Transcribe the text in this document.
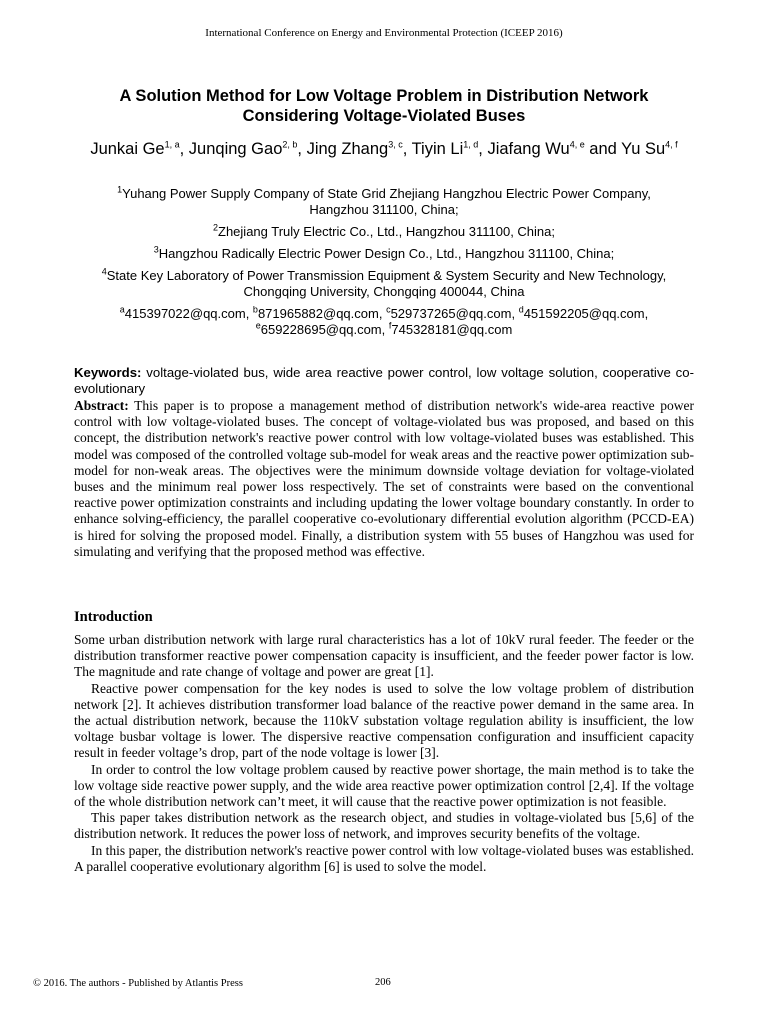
International Conference on Energy and Environmental Protection (ICEEP 2016)
A Solution Method for Low Voltage Problem in Distribution Network
Considering Voltage-Violated Buses
Junkai Ge$^{1, a}$, Junqing Gao$^{2, b}$, Jing Zhang$^{3, c}$, Tiyin Li$^{1, d}$, Jiafang Wu$^{4, e}$ and Yu Su$^{4, f}$
$^1$Yuhang Power Supply Company of State Grid Zhejiang Hangzhou Electric Power Company,
Hangzhou 311100, China;
$^2$Zhejiang Truly Electric Co., Ltd., Hangzhou 311100, China;
$^3$Hangzhou Radically Electric Power Design Co., Ltd., Hangzhou 311100, China;
$^4$State Key Laboratory of Power Transmission Equipment & System Security and New Technology,
Chongqing University, Chongqing 400044, China
$^a$415397022@qq.com, $^b$871965882@qq.com, $^c$529737265@qq.com, $^d$451592205@qq.com,
$^e$659228695@qq.com, $^f$745328181@qq.com
Keywords: voltage-violated bus, wide area reactive power control, low voltage solution, cooperative co-evolutionary
Abstract: This paper is to propose a management method of distribution network's wide-area reactive power control with low voltage-violated buses. The concept of voltage-violated bus was proposed, and based on this concept, the distribution network's reactive power control with low voltage-violated buses was established. This model was composed of the controlled voltage sub-model for weak areas and the reactive power optimization sub-model for non-weak areas. The objectives were the minimum downside voltage deviation for voltage-violated buses and the minimum real power loss respectively. The set of constraints were based on the conventional reactive power optimization constraints and including updating the lower voltage boundary constantly. In order to enhance solving-efficiency, the parallel cooperative co-evolutionary differential evolution algorithm (PCCD-EA) is hired for solving the proposed model. Finally, a distribution system with 55 buses of Hangzhou was used for simulating and verifying that the proposed method was effective.
Introduction

Some urban distribution network with large rural characteristics has a lot of 10kV rural feeder. The feeder or the distribution transformer reactive power compensation capacity is insufficient, and the feeder power factor is low. The magnitude and rate change of voltage and power are great [1].

Reactive power compensation for the key nodes is used to solve the low voltage problem of distribution network [2]. It achieves distribution transformer load balance of the reactive power demand in the same area. In the actual distribution network, because the 110kV substation voltage regulation ability is insufficient, the low voltage busbar voltage is lower. The dispersive reactive compensation configuration and insufficient capacity result in feeder voltage’s drop, part of the node voltage is lower [3].

In order to control the low voltage problem caused by reactive power shortage, the main method is to take the low voltage side reactive power supply, and the wide area reactive power optimization control [2,4]. If the voltage of the whole distribution network can’t meet, it will cause that the reactive power optimization is not feasible.

This paper takes distribution network as the research object, and studies in voltage-violated bus [5,6] of the distribution network. It reduces the power loss of network, and improves security benefits of the voltage.

In this paper, the distribution network's reactive power control with low voltage-violated buses was established. A parallel cooperative evolutionary algorithm [6] is used to solve the model.

© 2016. The authors - Published by Atlantis Press	206
